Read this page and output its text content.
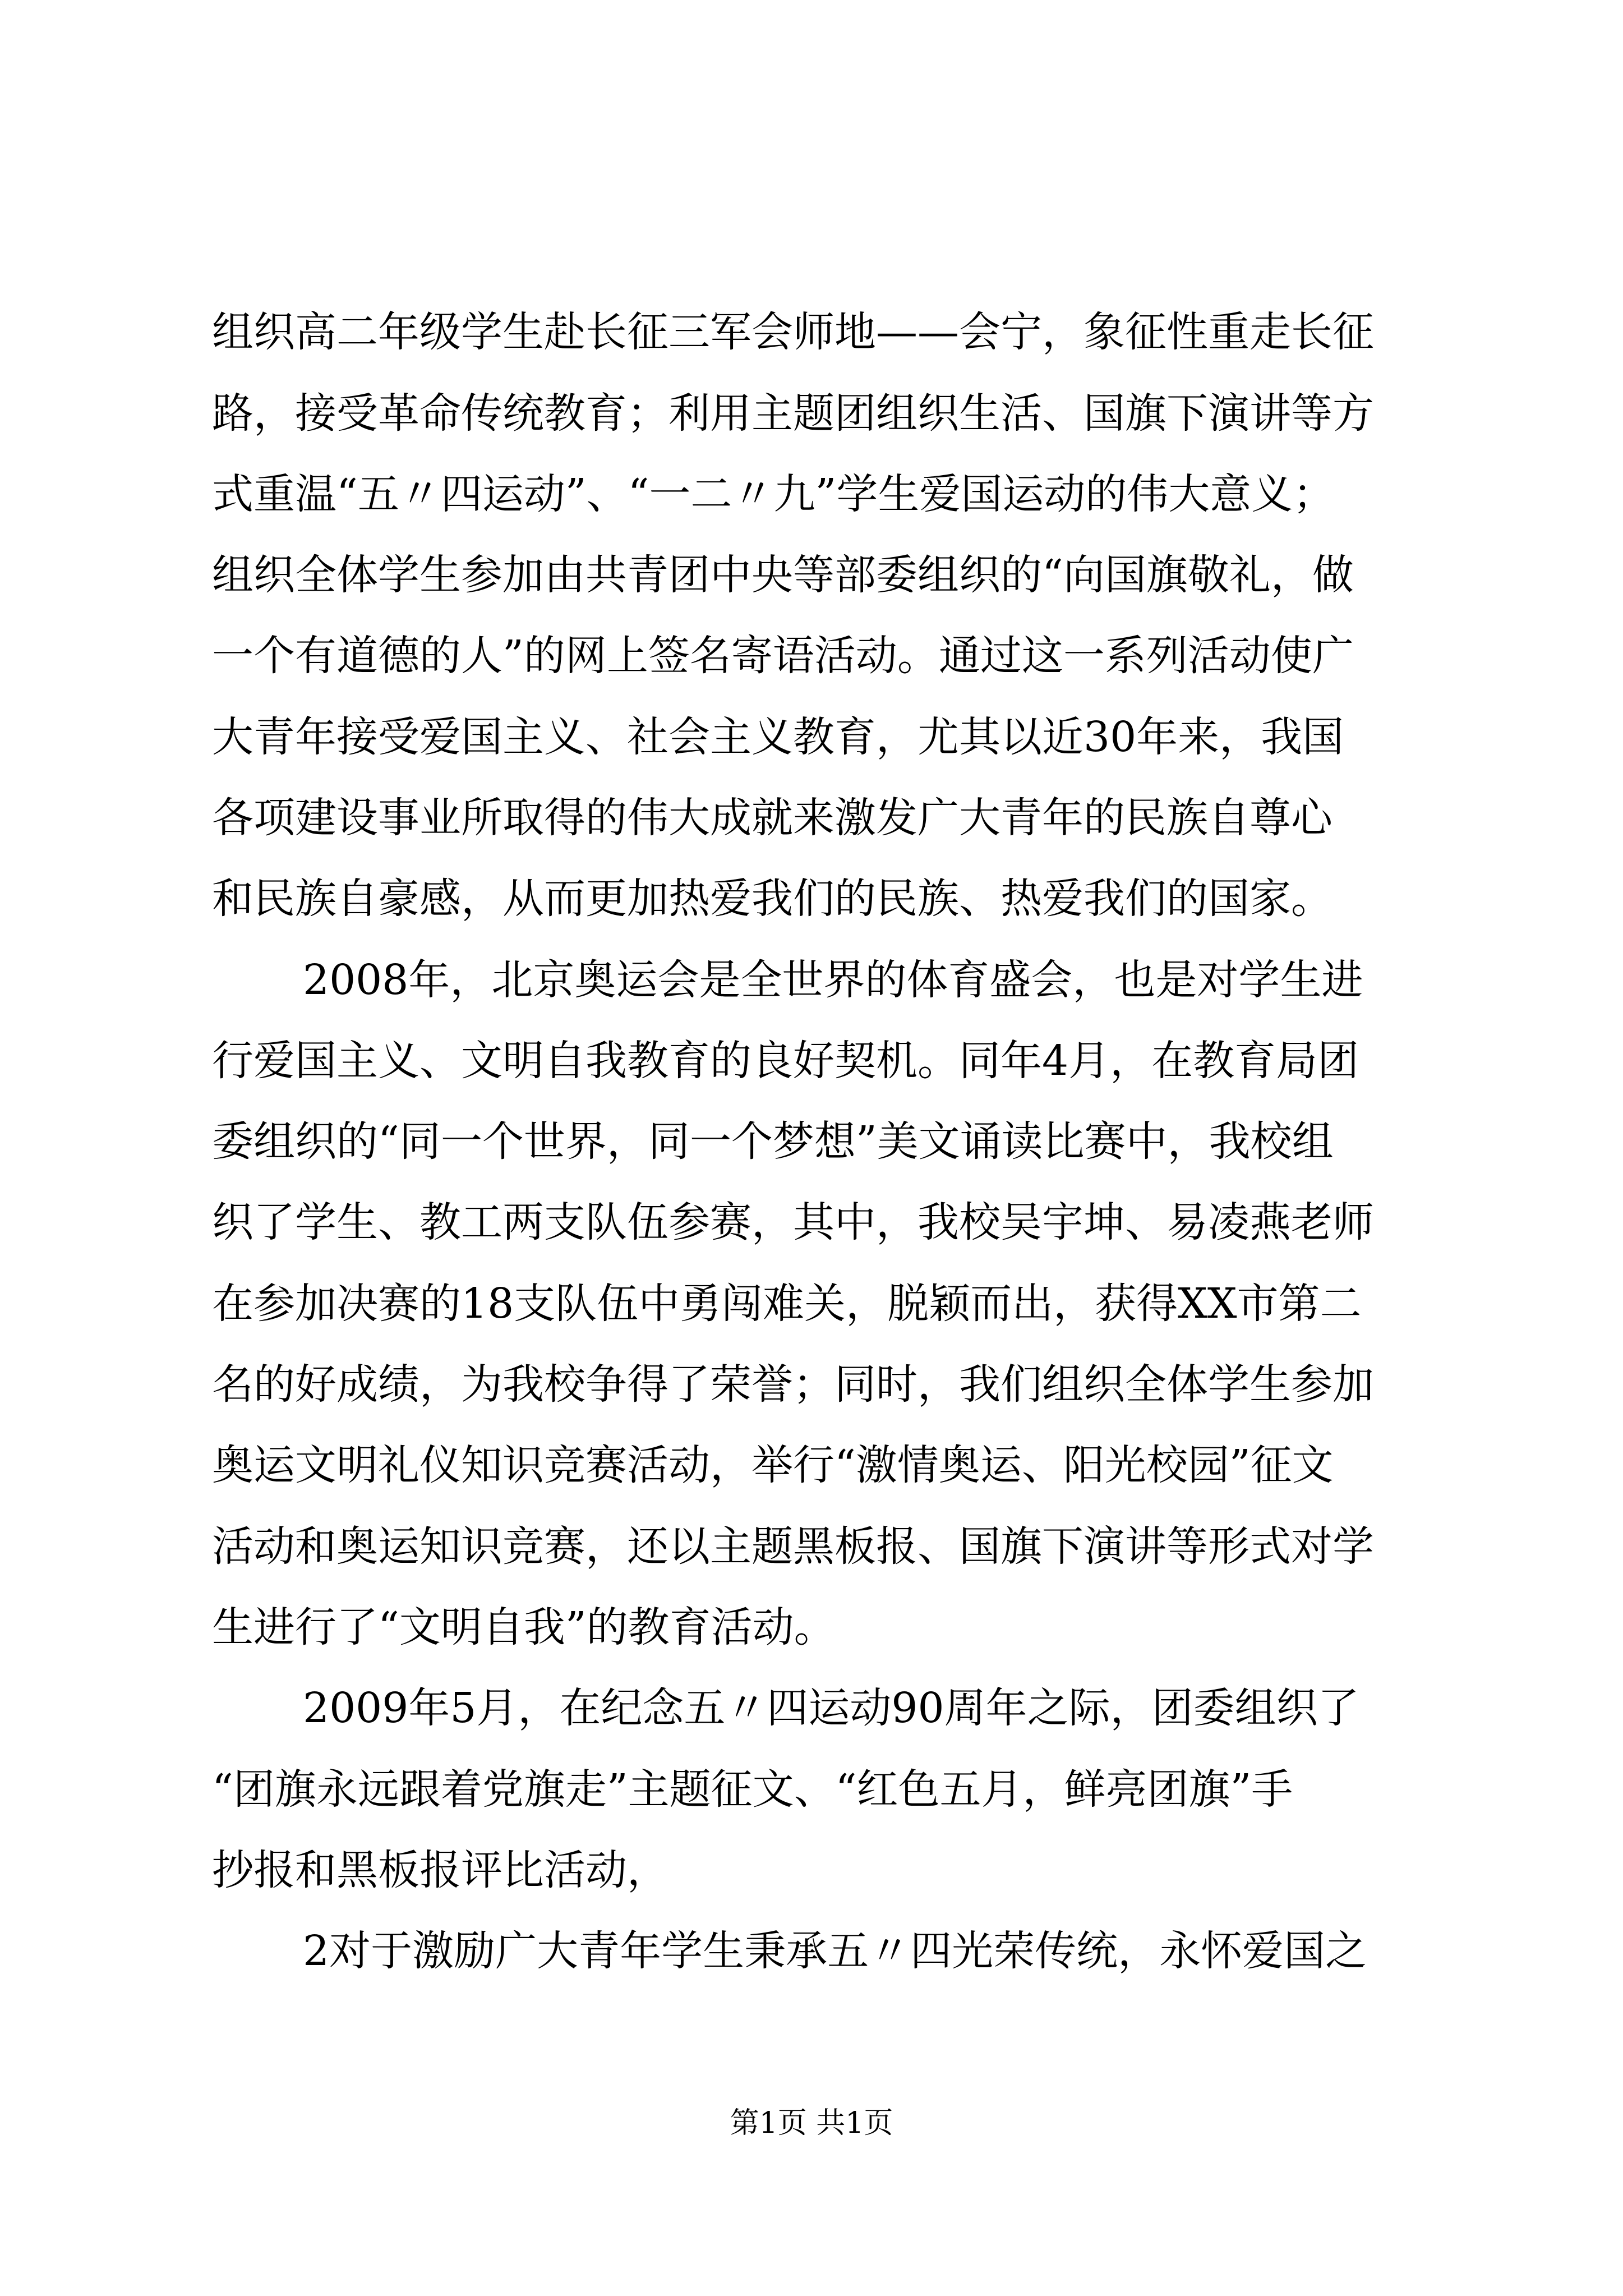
组织高二年级学生赴长征三军会师地——会宁，象征性重走长征
路，接受革命传统教育；利用主题团组织生活、国旗下演讲等方
式重温“五〃四运动”、“一二〃九”学生爱国运动的伟大意义；
组织全体学生参加由共青团中央等部委组织的“向国旗敬礼，做
一个有道德的人”的网上签名寄语活动。通过这一系列活动使广
大青年接受爱国主义、社会主义教育，尤其以近30年来，我国
各项建设事业所取得的伟大成就来激发广大青年的民族自尊心
和民族自豪感，从而更加热爱我们的民族、热爱我们的国家。
2008年，北京奥运会是全世界的体育盛会，也是对学生进
行爱国主义、文明自我教育的良好契机。同年4月，在教育局团
委组织的“同一个世界，同一个梦想”美文诵读比赛中，我校组
织了学生、教工两支队伍参赛，其中，我校吴宇坤、易凌燕老师
在参加决赛的18支队伍中勇闯难关，脱颖而出，获得XX市第二
名的好成绩，为我校争得了荣誉；同时，我们组织全体学生参加
奥运文明礼仪知识竞赛活动，举行“激情奥运、阳光校园”征文
活动和奥运知识竞赛，还以主题黑板报、国旗下演讲等形式对学
生进行了“文明自我”的教育活动。
2009年5月，在纪念五〃四运动90周年之际，团委组织了
“团旗永远跟着党旗走”主题征文、“红色五月，鲜亮团旗”手
抄报和黑板报评比活动，
2对于激励广大青年学生秉承五〃四光荣传统，永怀爱国之
第1页 共1页
